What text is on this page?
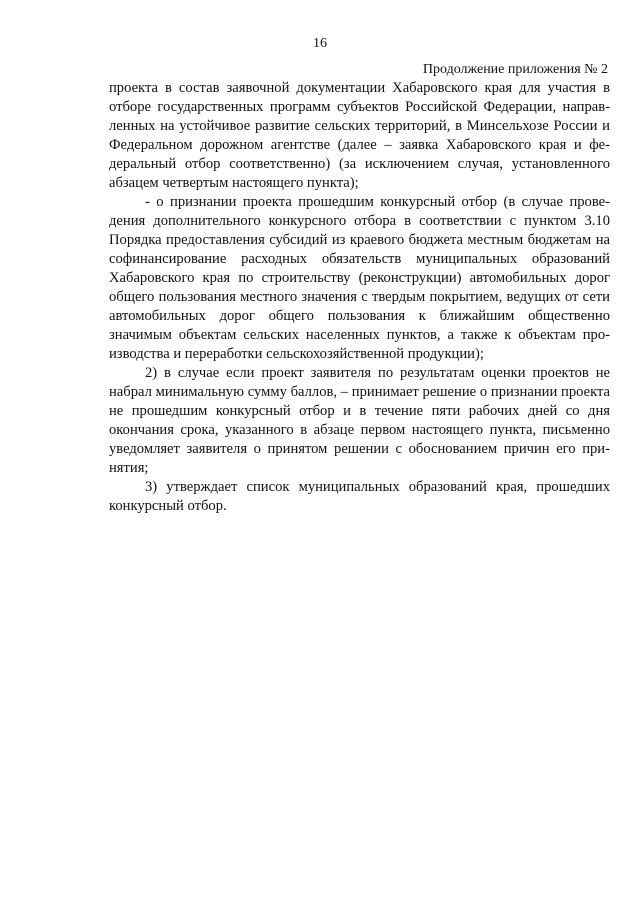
16
Продолжение приложения № 2

проекта в состав заявочной документации Хабаровского края для участия в отборе государственных программ субъектов Российской Федерации, направленных на устойчивое развитие сельских территорий, в Минсельхозе России и Федеральном дорожном агентстве (далее – заявка Хабаровского края и федеральный отбор соответственно) (за исключением случая, установленного абзацем четвертым настоящего пункта);

- о признании проекта прошедшим конкурсный отбор (в случае проведения дополнительного конкурсного отбора в соответствии с пунктом 3.10 Порядка предоставления субсидий из краевого бюджета местным бюджетам на софинансирование расходных обязательств муниципальных образований Хабаровского края по строительству (реконструкции) автомобильных дорог общего пользования местного значения с твердым покрытием, ведущих от сети автомобильных дорог общего пользования к ближайшим общественно значимым объектам сельских населенных пунктов, а также к объектам производства и переработки сельскохозяйственной продукции);

2) в случае если проект заявителя по результатам оценки проектов не набрал минимальную сумму баллов, – принимает решение о признании проекта не прошедшим конкурсный отбор и в течение пяти рабочих дней со дня окончания срока, указанного в абзаце первом настоящего пункта, письменно уведомляет заявителя о принятом решении с обоснованием причин его принятия;

3) утверждает список муниципальных образований края, прошедших конкурсный отбор.
